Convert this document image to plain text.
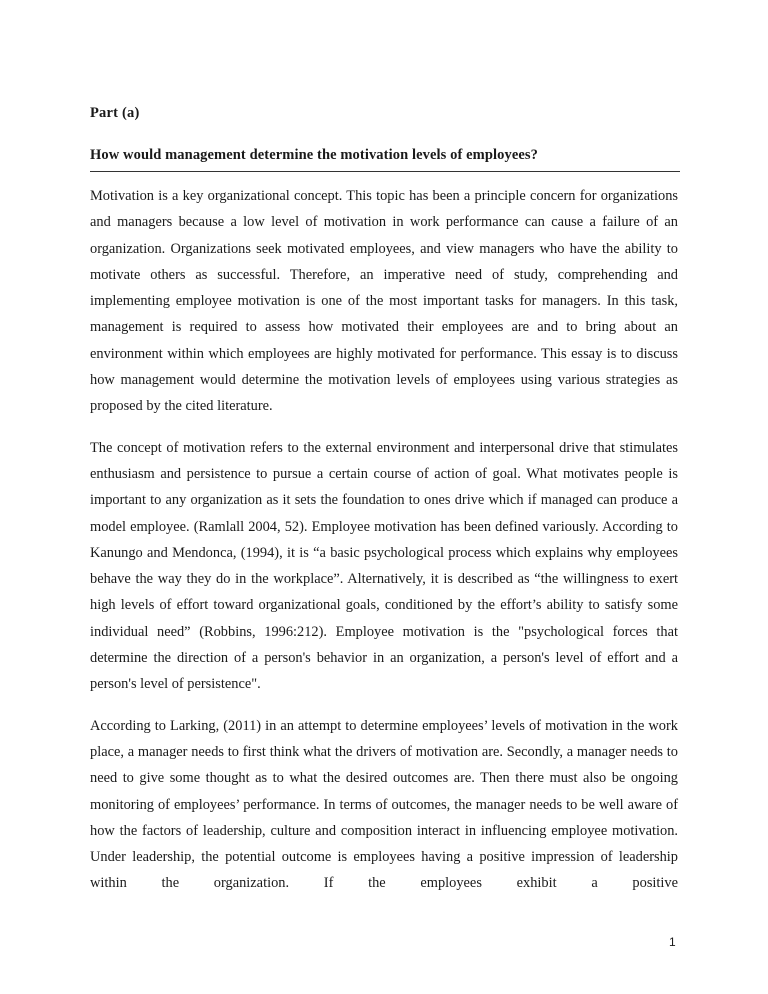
Part (a)
How would management determine the motivation levels of employees?

Motivation is a key organizational concept. This topic has been a principle concern for organizations and managers because a low level of motivation in work performance can cause a failure of an organization. Organizations seek motivated employees, and view managers who have the ability to motivate others as successful. Therefore, an imperative need of study, comprehending and implementing employee motivation is one of the most important tasks for managers. In this task, management is required to assess how motivated their employees are and to bring about an environment within which employees are highly motivated for performance. This essay is to discuss how management would determine the motivation levels of employees using various strategies as proposed by the cited literature.

The concept of motivation refers to the external environment and interpersonal drive that stimulates enthusiasm and persistence to pursue a certain course of action of goal. What motivates people is important to any organization as it sets the foundation to ones drive which if managed can produce a model employee. (Ramlall 2004, 52). Employee motivation has been defined variously. According to Kanungo and Mendonca, (1994), it is “a basic psychological process which explains why employees behave the way they do in the workplace”. Alternatively, it is described as “the willingness to exert high levels of effort toward organizational goals, conditioned by the effort’s ability to satisfy some individual need” (Robbins, 1996:212). Employee motivation is the "psychological forces that determine the direction of a person's behavior in an organization, a person's level of effort and a person's level of persistence".

According to Larking, (2011) in an attempt to determine employees’ levels of motivation in the work place, a manager needs to first think what the drivers of motivation are. Secondly, a manager needs to need to give some thought as to what the desired outcomes are. Then there must also be ongoing monitoring of employees’ performance. In terms of outcomes, the manager needs to be well aware of how the factors of leadership, culture and composition interact in influencing employee motivation. Under leadership, the potential outcome is employees having a positive impression of leadership within the organization. If the employees exhibit a positive

1
